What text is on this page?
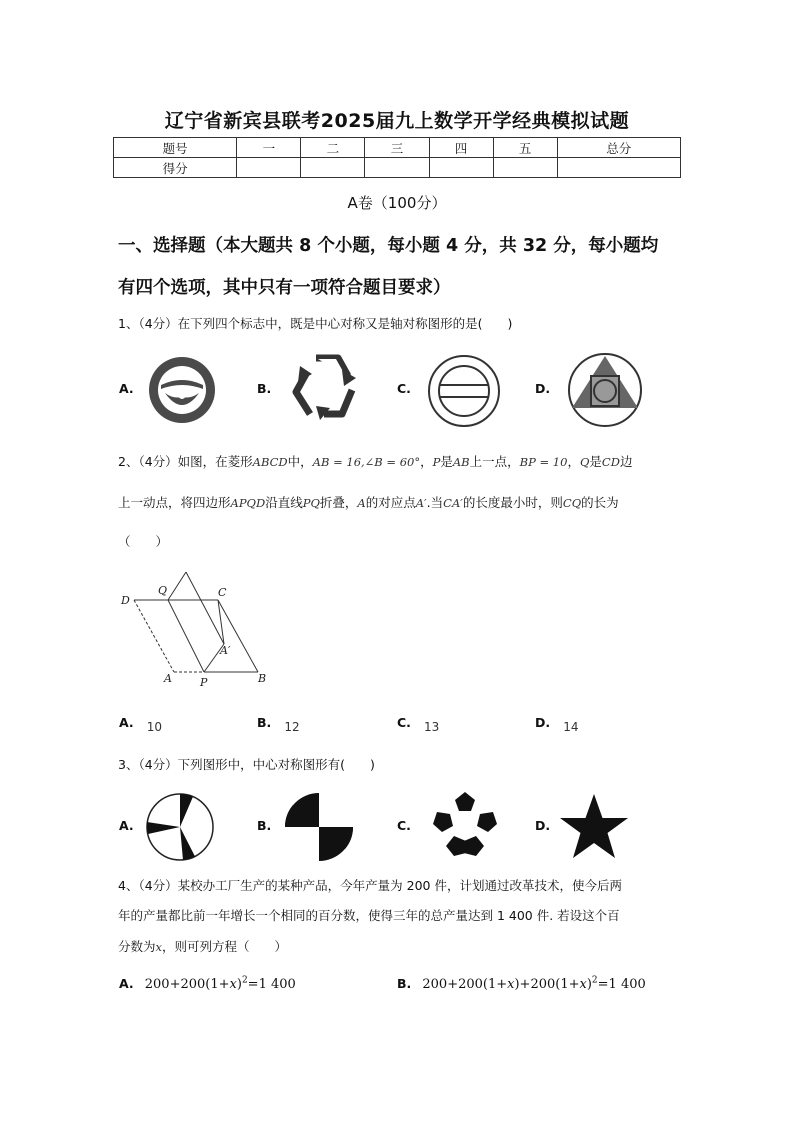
辽宁省新宾县联考2025届九上数学开学经典模拟试题
题号	一	二	三	四	五	总分
得分						
A卷（100分）
一、选择题（本大题共 8 个小题，每小题 4 分，共 32 分，每小题均
有四个选项，其中只有一项符合题目要求）
1、（4分）在下列四个标志中，既是中心对称又是轴对称图形的是(　　)
A.	B.	C.	D.
2、（4分）如图，在菱形ABCD中，AB = 16,∠B = 60°，P是AB上一点，BP = 10，Q是CD边
上一动点，将四边形APQD沿直线PQ折叠，A的对应点A′.当CA′的长度最小时，则CQ的长为
（　　）
D
Q	C
A′
A	P	B
A. $_{10}$	B. $_{12}$	C. $_{13}$	D. $_{14}$
3、（4分）下列图形中，中心对称图形有(　　)
A.	B.	C.	D.
4、（4分）某校办工厂生产的某种产品，今年产量为 200 件，计划通过改革技术，使今后两
年的产量都比前一年增长一个相同的百分数，使得三年的总产量达到 1 400 件. 若设这个百
分数为x，则可列方程（　　）
A. $200+200(1+x)^2=1$ 400	B. $200+200(1+x)+200(1+x)^2=1$ 400
